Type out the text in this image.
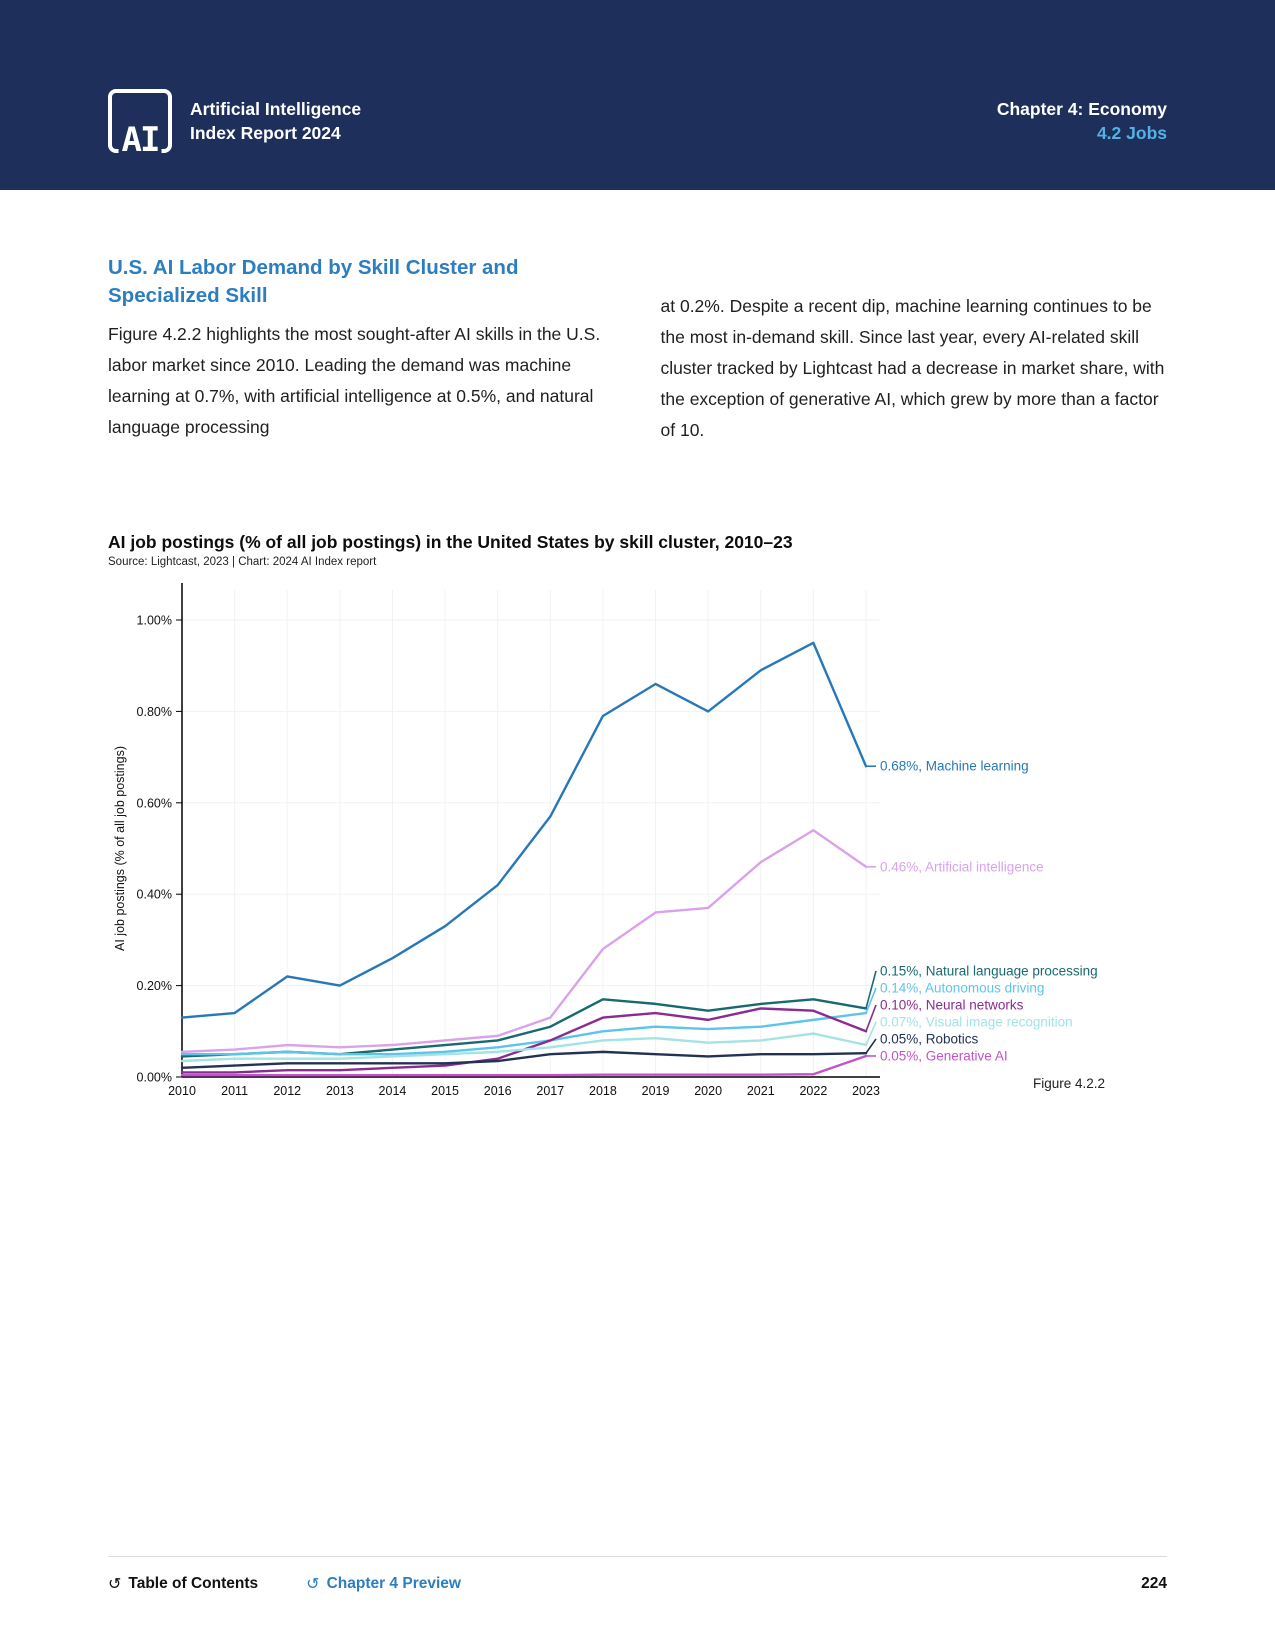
AI
Artificial Intelligence
Index Report 2024
Chapter 4: Economy
4.2 Jobs
U.S. AI Labor Demand by Skill Cluster and Specialized Skill

Figure 4.2.2 highlights the most sought-after AI skills in the U.S. labor market since 2010. Leading the demand was machine learning at 0.7%, with artificial intelligence at 0.5%, and natural language processing

at 0.2%. Despite a recent dip, machine learning continues to be the most in-demand skill. Since last year, every AI-related skill cluster tracked by Lightcast had a decrease in market share, with the exception of generative AI, which grew by more than a factor of 10.

AI job postings (% of all job postings) in the United States by skill cluster, 2010–23
Source: Lightcast, 2023 | Chart: 2024 AI Index report
0.00%
0.20%
0.40%
0.60%
0.80%
1.00%
2010 2011 2012 2013 2014 2015 2016 2017 2018 2019 2020 2021 2022 2023
AI job postings (% of all job postings)
0.05%, Generative AI
0.05%, Robotics
0.07%, Visual image recognition
0.10%, Neural networks
0.14%, Autonomous driving
0.15%, Natural language processing
0.46%, Artificial intelligence
0.68%, Machine learning
Figure 4.2.2
↺ Table of Contents	↺ Chapter 4 Preview	224
